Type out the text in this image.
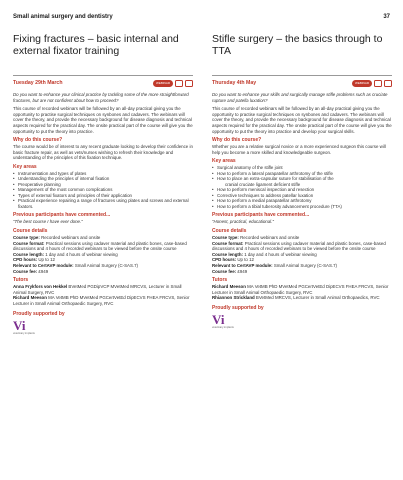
Small animal surgery and dentistry	37
Fixing fractures – basic internal and external fixator training
Tuesday 29th March	WEBINAR

Do you want to enhance your clinical practice by tackling some of the more straightforward fractures, but are not confident about how to proceed?

This course of recorded webinars will be followed by an all-day practical giving you the opportunity to practise surgical techniques on synbones and cadavers. The webinars will cover the theory, and provide the necessary background for disease diagnosis and technical aspects required for the practical day. The onsite practical part of the course will give you the opportunity to put the theory into practice.

Why do this course?

The course would be of interest to any recent graduate looking to develop their confidence in basic fracture repair, as well as vets/nurses wishing to refresh their knowledge and understanding of the principles of this fixation technique.

Key areas
• Instrumentation and types of plates
• Understanding the principles of internal fixation
• Preoperative planning
• Management of the most common complications
• Types of external fixators and principles of their application
• Practical experience repairing a range of fractures using plates and screws and external fixators.
Previous participants have commented...

"The best course I have ever done."

Course details

Course type: Recorded webinars and onsite

Course format: Practical sessions using cadaver material and plastic bones, case-based discussions and 4 hours of recorded webinars to be viewed before the onsite course

Course length: 1 day and 4 hours of webinar viewing

CPD hours: Up to 12

Relevant to CertAVP module: Small Animal Surgery (C-SAS.7)

Course fee: £949

Tutors

Anna Frykfors von Hekkel BVetMed PGDipVCP MVetMed MRCVS, Lecturer in Small Animal Surgery, RVC

Richard Meeson MA VetMB PhD MVetMed PGCertVetEd DipECVS FHEA FRCVS, Senior Lecturer in Small Animal Orthopaedic Surgery, RVC

Proudly supported by
Vi
veterinary implants
Stifle surgery – the basics through to TTA
Thursday 4th May	WEBINAR

Do you want to enhance your skills and surgically manage stifle problems such as cruciate rupture and patella luxation?

This course of recorded webinars will be followed by an all-day practical giving you the opportunity to practise surgical techniques on synbones and cadavers. The webinars will cover the theory, and provide the necessary background for disease diagnosis and technical aspects required for the practical day. The onsite practical part of the course will give you the opportunity to put the theory into practice and develop your surgical skills.

Why do this course?

Whether you are a relative surgical novice or a more experienced surgeon this course will help you become a more skilled and knowledgeable surgeon.

Key areas
• Surgical anatomy of the stifle joint
• How to perform a lateral parapatellar arthrotomy of the stifle
• How to place an extra-capsular suture for stabilisation of the
cranial cruciate ligament deficient stifle
• How to perform meniscal inspection and resection
• Corrective techniques to address patellar luxation
• How to perform a medial parapatellar arthrotomy
• How to perform a tibial tuberosity advancement procedure (TTA)
Previous participants have commented...

"Honest, practical, educational."

Course details

Course type: Recorded webinars and onsite

Course format: Practical sessions using cadaver material and plastic bones, case-based discussions and 4 hours of recorded webinars to be viewed before the onsite course

Course length: 1 day and 4 hours of webinar viewing

CPD hours: Up to 12

Relevant to CertAVP module: Small Animal Surgery (C-SAS.7)

Course fee: £949

Tutors

Richard Meeson MA VetMB PhD MVetMed PGCertVetEd DipECVS FHEA FRCVS, Senior Lecturer in Small Animal Orthopaedic Surgery, RVC

Rhiannon Strickland BVetMed MRCVS, Lecturer in Small Animal Orthopaedics, RVC

Proudly supported by
Vi
veterinary implants
